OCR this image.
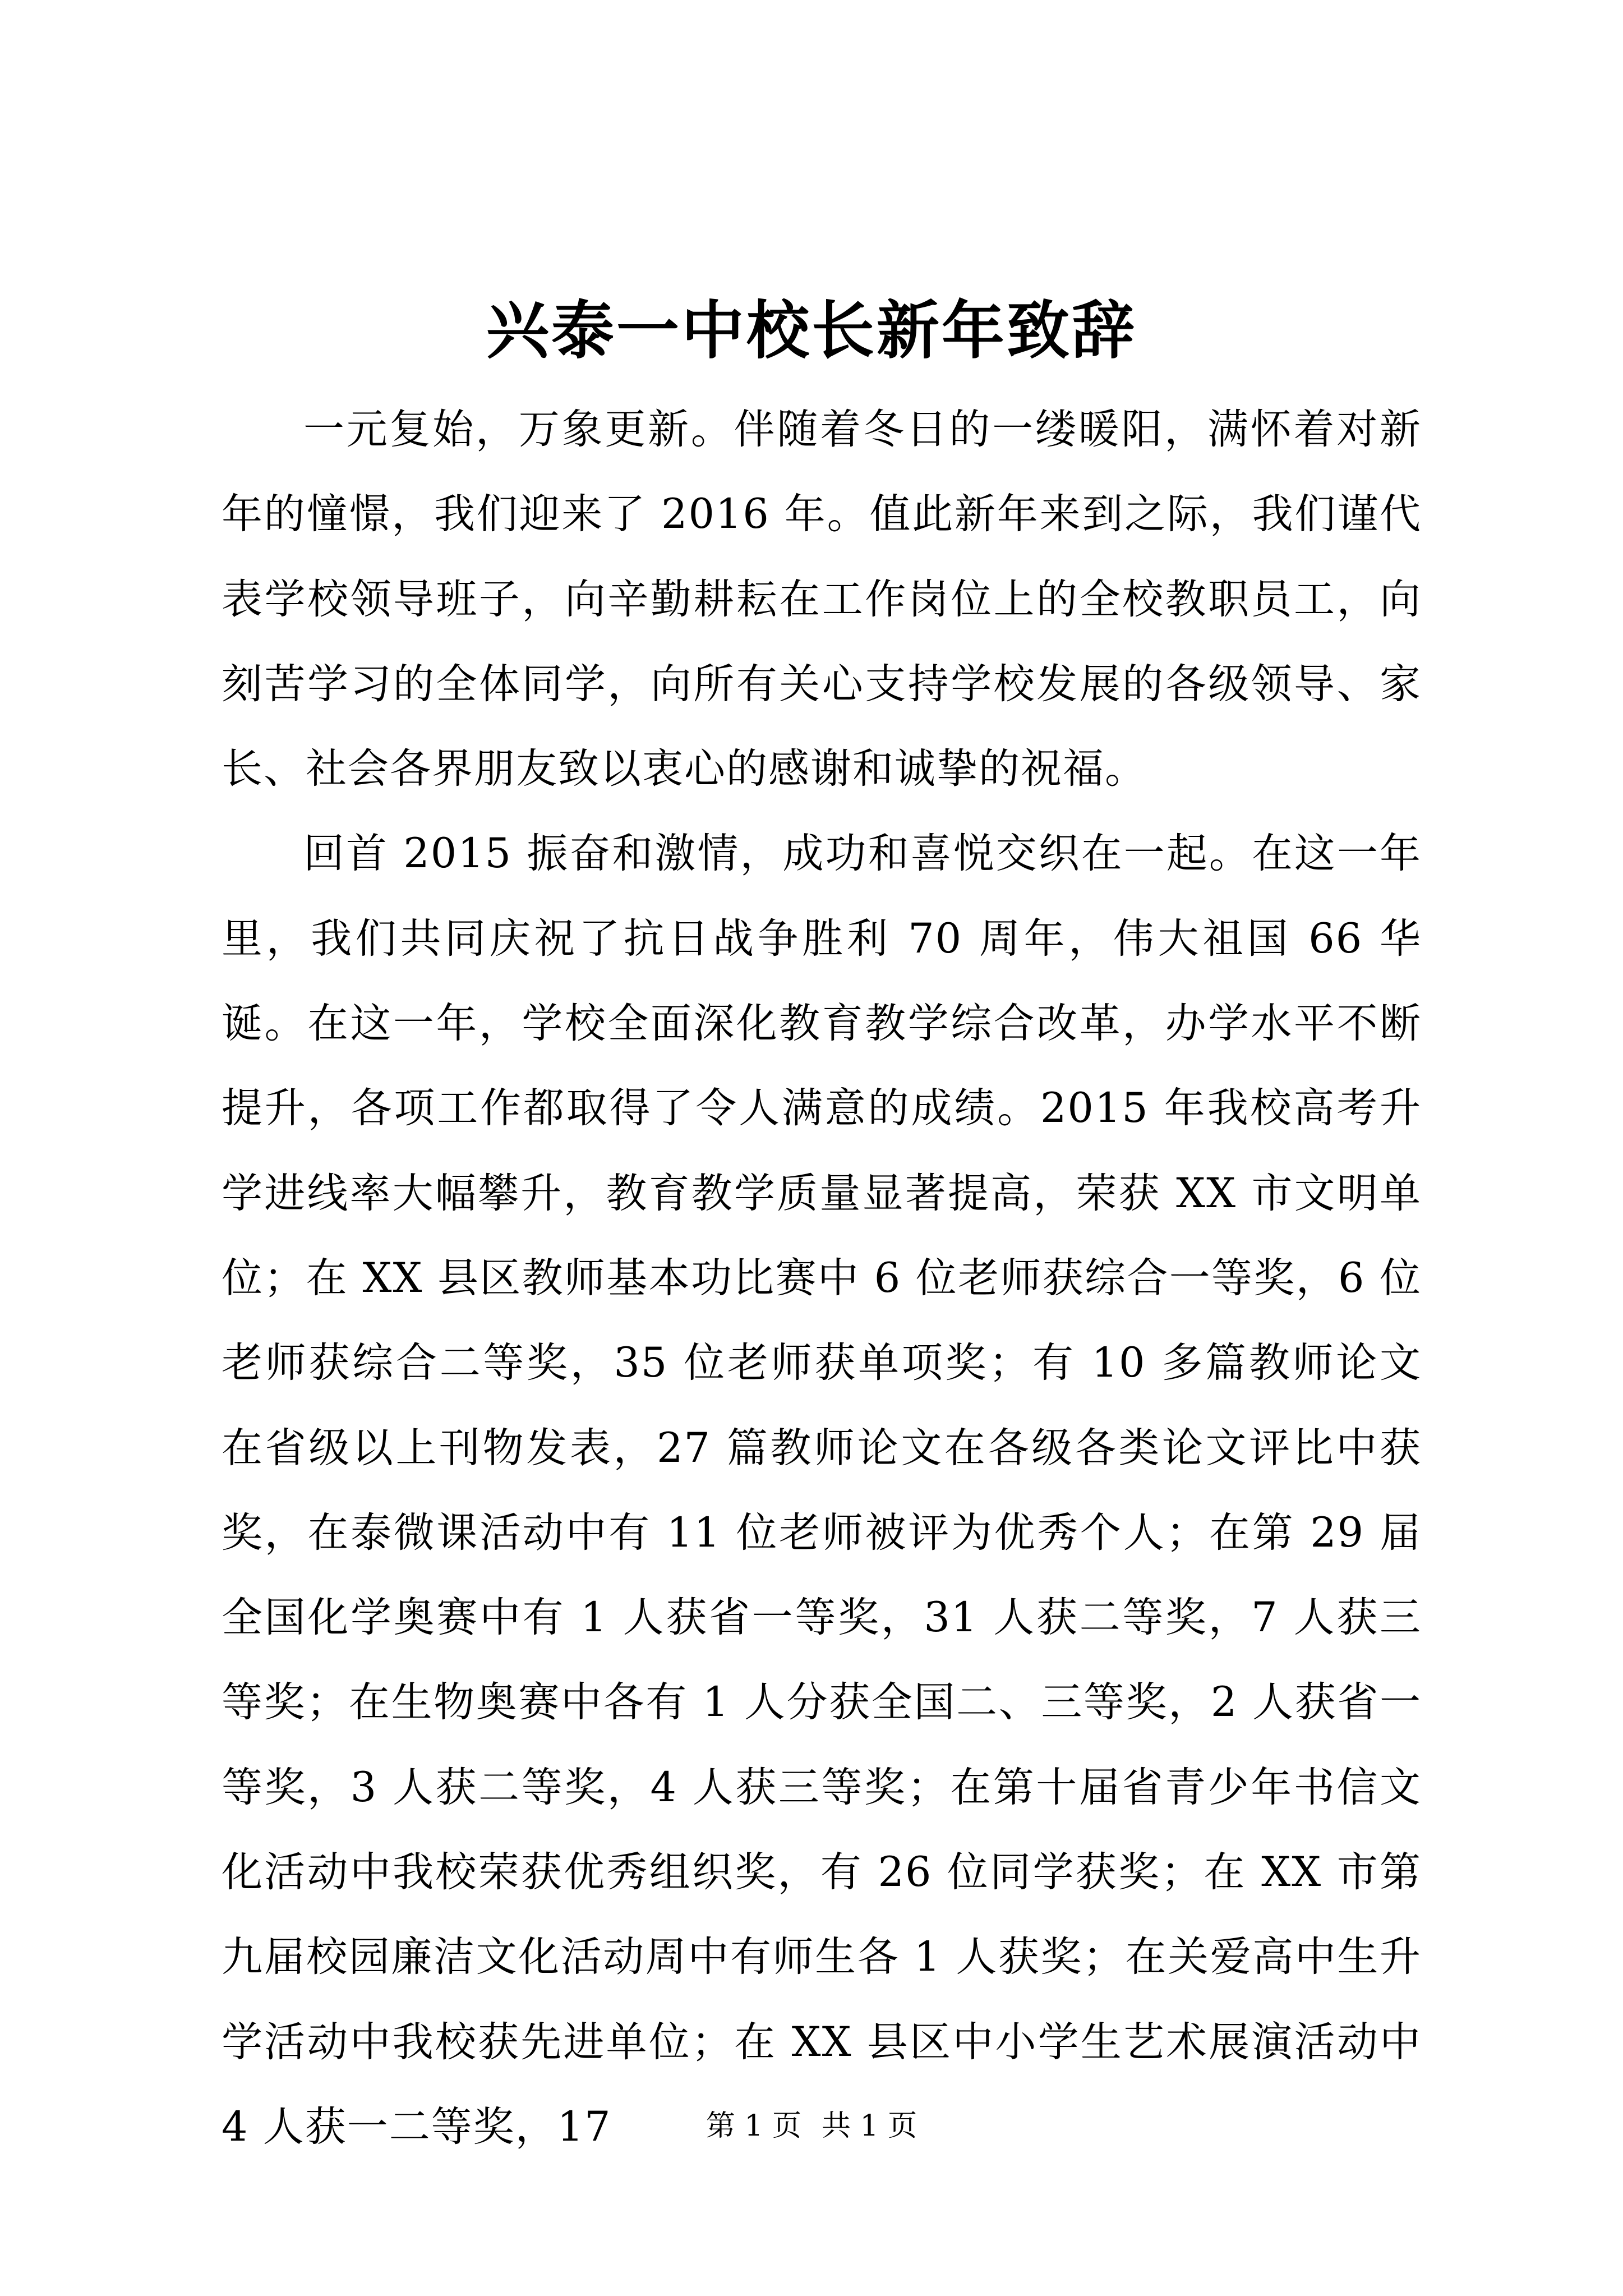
兴泰一中校长新年致辞

一元复始，万象更新。伴随着冬日的一缕暖阳，满怀着对新年的憧憬，我们迎来了 2016 年。值此新年来到之际，我们谨代表学校领导班子，向辛勤耕耘在工作岗位上的全校教职员工，向刻苦学习的全体同学，向所有关心支持学校发展的各级领导、家长、社会各界朋友致以衷心的感谢和诚挚的祝福。

回首 2015 振奋和激情，成功和喜悦交织在一起。在这一年里，我们共同庆祝了抗日战争胜利 70 周年，伟大祖国 66 华诞。在这一年，学校全面深化教育教学综合改革，办学水平不断提升，各项工作都取得了令人满意的成绩。2015 年我校高考升学进线率大幅攀升，教育教学质量显著提高，荣获 XX 市文明单位；在 XX 县区教师基本功比赛中 6 位老师获综合一等奖，6 位老师获综合二等奖，35 位老师获单项奖；有 10 多篇教师论文在省级以上刊物发表，27 篇教师论文在各级各类论文评比中获奖，在泰微课活动中有 11 位老师被评为优秀个人；在第 29 届全国化学奥赛中有 1 人获省一等奖，31 人获二等奖，7 人获三等奖；在生物奥赛中各有 1 人分获全国二、三等奖，2 人获省一等奖，3 人获二等奖，4 人获三等奖；在第十届省青少年书信文化活动中我校荣获优秀组织奖，有 26 位同学获奖；在 XX 市第九届校园廉洁文化活动周中有师生各 1 人获奖；在关爱高中生升学活动中我校获先进单位；在 XX 县区中小学生艺术展演活动中 4 人获一二等奖，17	第 1 页 共 1 页
